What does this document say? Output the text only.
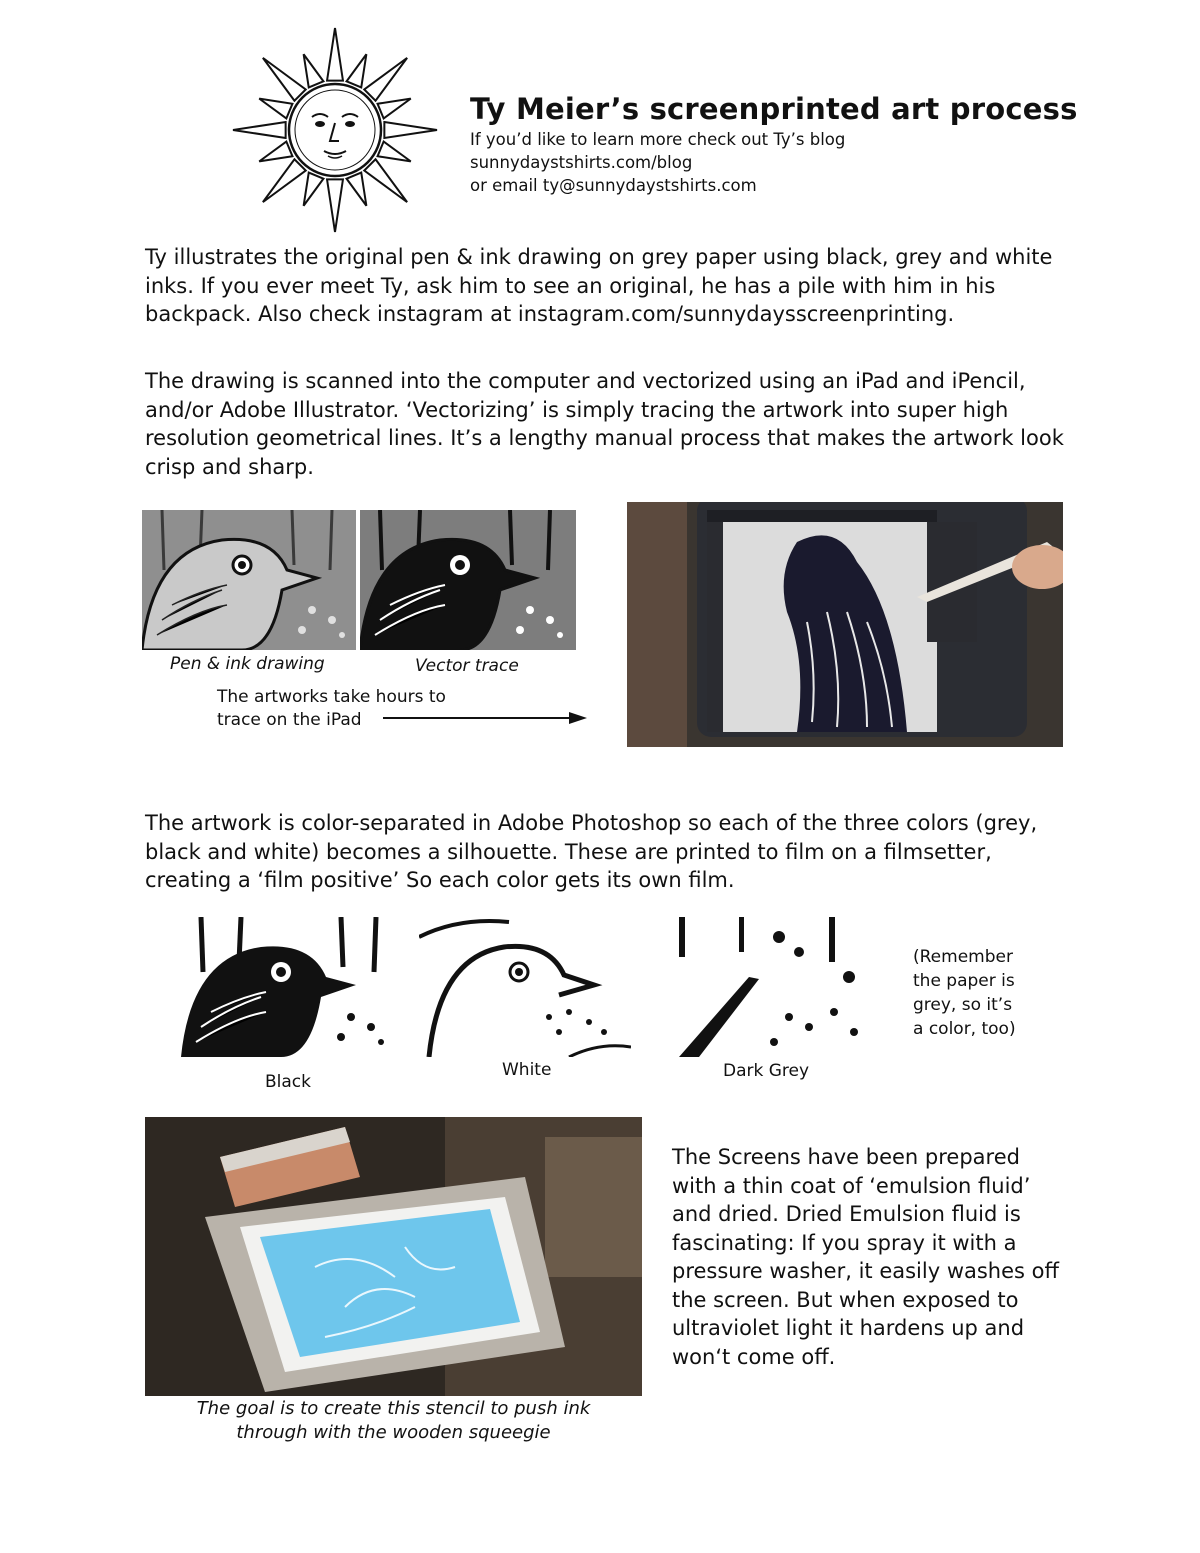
Ty Meier’s screenprinted art process
If you’d like to learn more check out Ty’s blog
sunnydaystshirts.com/blog
or email ty@sunnydaystshirts.com
Ty illustrates the original pen & ink drawing on grey paper using black, grey and white inks. If you ever meet Ty, ask him to see an original, he has a pile with him in his backpack. Also check instagram at instagram.com/sunnydaysscreenprinting.
The drawing is scanned into the computer and vectorized using an iPad and iPencil, and/or Adobe Illustrator. ‘Vectorizing’ is simply tracing the artwork into super high resolution geometrical lines. It’s a lengthy manual process that makes the artwork look crisp and sharp.
Pen & ink drawing	Vector trace
The artworks take hours to
trace on the iPad
The artwork is color-separated in Adobe Photoshop so each of the three colors (grey, black and white) becomes a silhouette. These are printed to film on a filmsetter, creating a ‘film positive’ So each color gets its own film.
Black
White	Dark Grey
(Remember
the paper is
grey, so it’s
a color, too)
The goal is to create this stencil to push ink
through with the wooden squeegie
The Screens have been prepared with a thin coat of ‘emulsion fluid’ and dried. Dried Emulsion fluid is fascinating: If you spray it with a pressure washer, it easily washes off the screen. But when exposed to ultraviolet light it hardens up and won‘t come off.
